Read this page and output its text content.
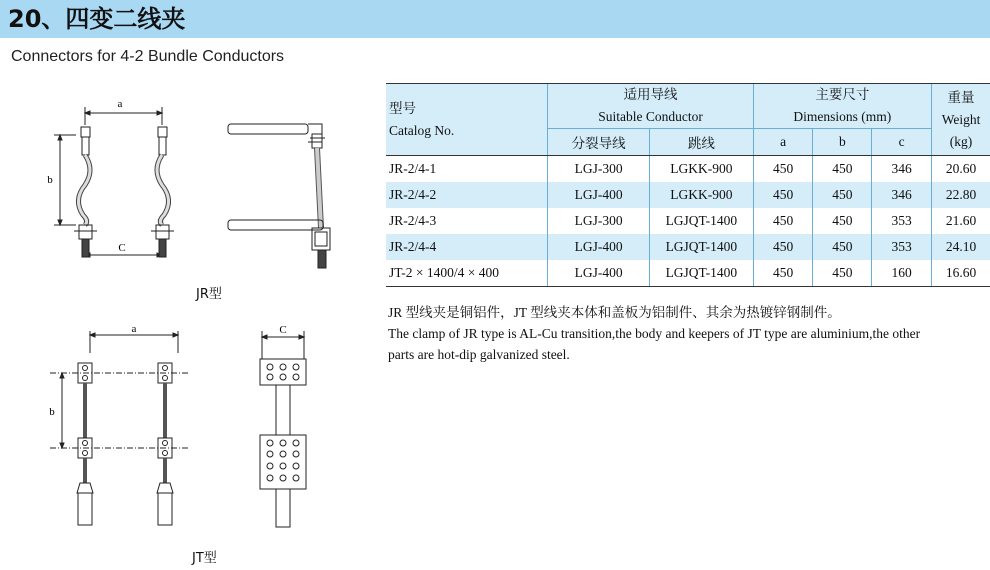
20、四变二线夹
Connectors for 4-2 Bundle Conductors
a
b
C
JR型
a
b
C
JT型
型号
Catalog No.	适用导线
Suitable Conductor		主要尺寸
Dimensions (mm)			重量
Weight
(kg)

	分裂导线	跳线	a	b	c	
JR-2/4-1	LGJ-300	LGKK-900	450	450	346	20.60
JR-2/4-2	LGJ-400	LGKK-900	450	450	346	22.80
JR-2/4-3	LGJ-300	LGJQT-1400	450	450	353	21.60
JR-2/4-4	LGJ-400	LGJQT-1400	450	450	353	24.10
JT-2 × 1400/4 × 400	LGJ-400	LGJQT-1400	450	450	160	16.60
JR 型线夹是铜铝件，JT 型线夹本体和盖板为铝制件、其余为热镀锌钢制件。
The clamp of JR type is AL-Cu transition,the body and keepers of JT type are aluminium,the other
parts are hot-dip galvanized steel.
